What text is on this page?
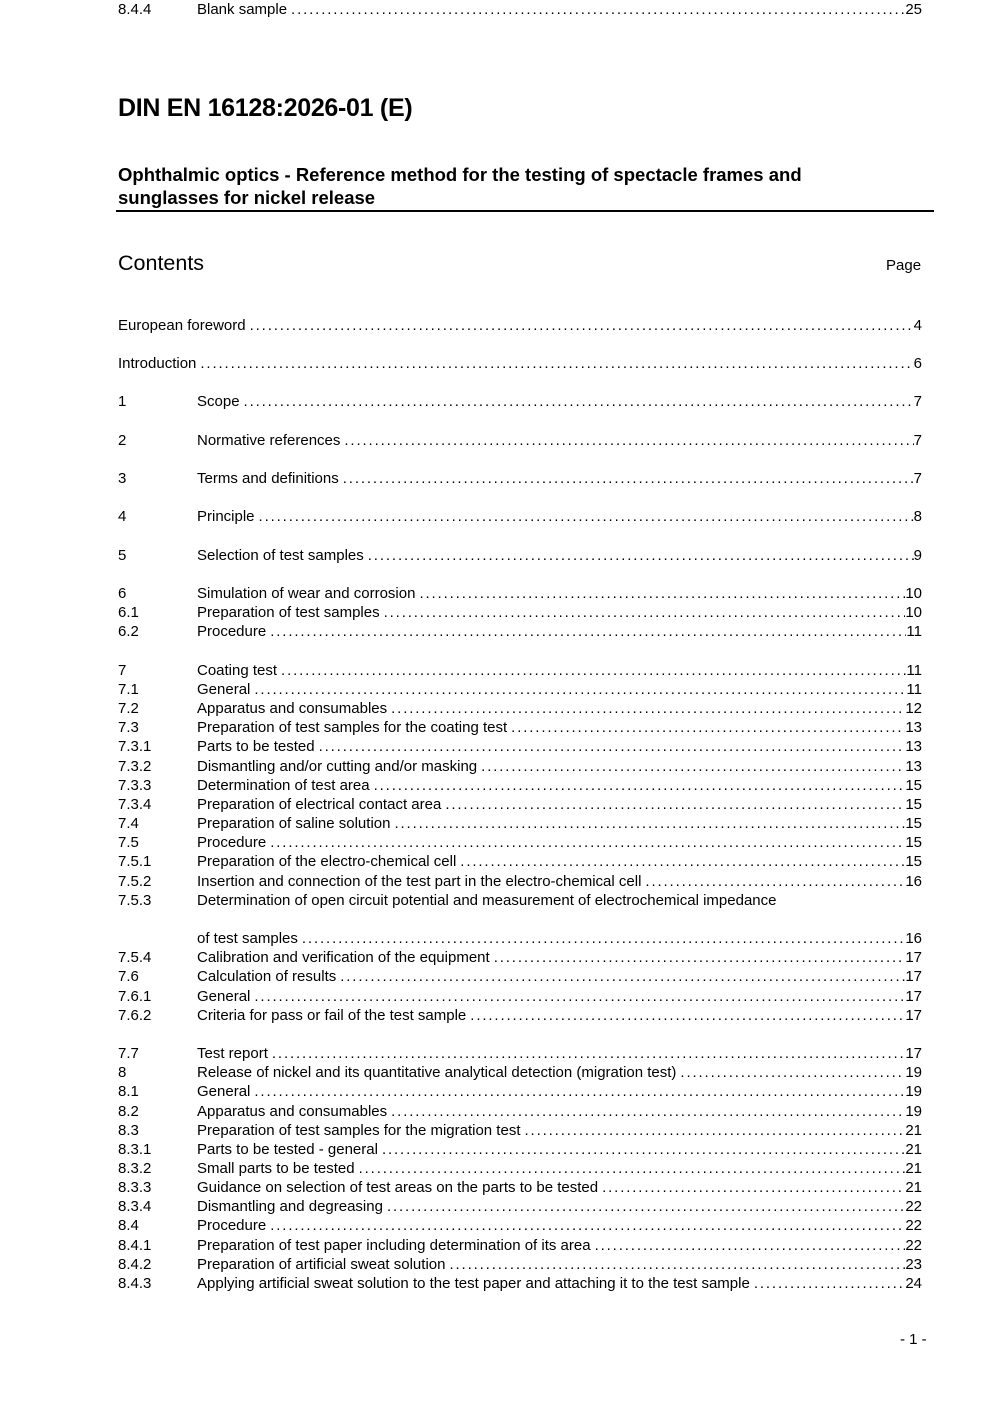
DIN EN 16128:2026-01 (E)
Ophthalmic optics - Reference method for the testing of spectacle frames and sunglasses for nickel release
Contents	Page
European foreword . . .	4
Introduction . . .	6
1	Scope . . .	7
2	Normative references . . .	7
3	Terms and definitions . . .	7
4	Principle . . .	8
5	Selection of test samples . . .	9
6	Simulation of wear and corrosion . . .	10
6.1	Preparation of test samples . . .	10
6.2	Procedure . . .	11
7	Coating test . . .	11
7.1	General . . .	11
7.2	Apparatus and consumables . . .	12
7.3	Preparation of test samples for the coating test . . .	13
7.3.1	Parts to be tested . . .	13
7.3.2	Dismantling and/or cutting and/or masking . . .	13
7.3.3	Determination of test area . . .	15
7.3.4	Preparation of electrical contact area . . .	15
7.4	Preparation of saline solution . . .	15
7.5	Procedure . . .	15
7.5.1	Preparation of the electro-chemical cell . . .	15
7.5.2	Insertion and connection of the test part in the electro-chemical cell . . .	16
7.5.3	Determination of open circuit potential and measurement of electrochemical impedance
of test samples . . .	16
7.5.4	Calibration and verification of the equipment . . .	17
7.6	Calculation of results . . .	17
7.6.1	General . . .	17
7.6.2	Criteria for pass or fail of the test sample . . .	17
7.7	Test report . . .	17
8	Release of nickel and its quantitative analytical detection (migration test) . . .	19
8.1	General . . .	19
8.2	Apparatus and consumables . . .	19
8.3	Preparation of test samples for the migration test . . .	21
8.3.1	Parts to be tested - general . . .	21
8.3.2	Small parts to be tested . . .	21
8.3.3	Guidance on selection of test areas on the parts to be tested . . .	21
8.3.4	Dismantling and degreasing . . .	22
8.4	Procedure . . .	22
8.4.1	Preparation of test paper including determination of its area . . .	22
8.4.2	Preparation of artificial sweat solution . . .	23
8.4.3	Applying artificial sweat solution to the test paper and attaching it to the test sample . . .	24
8.4.4	Blank sample . . .	25
- 1 -
